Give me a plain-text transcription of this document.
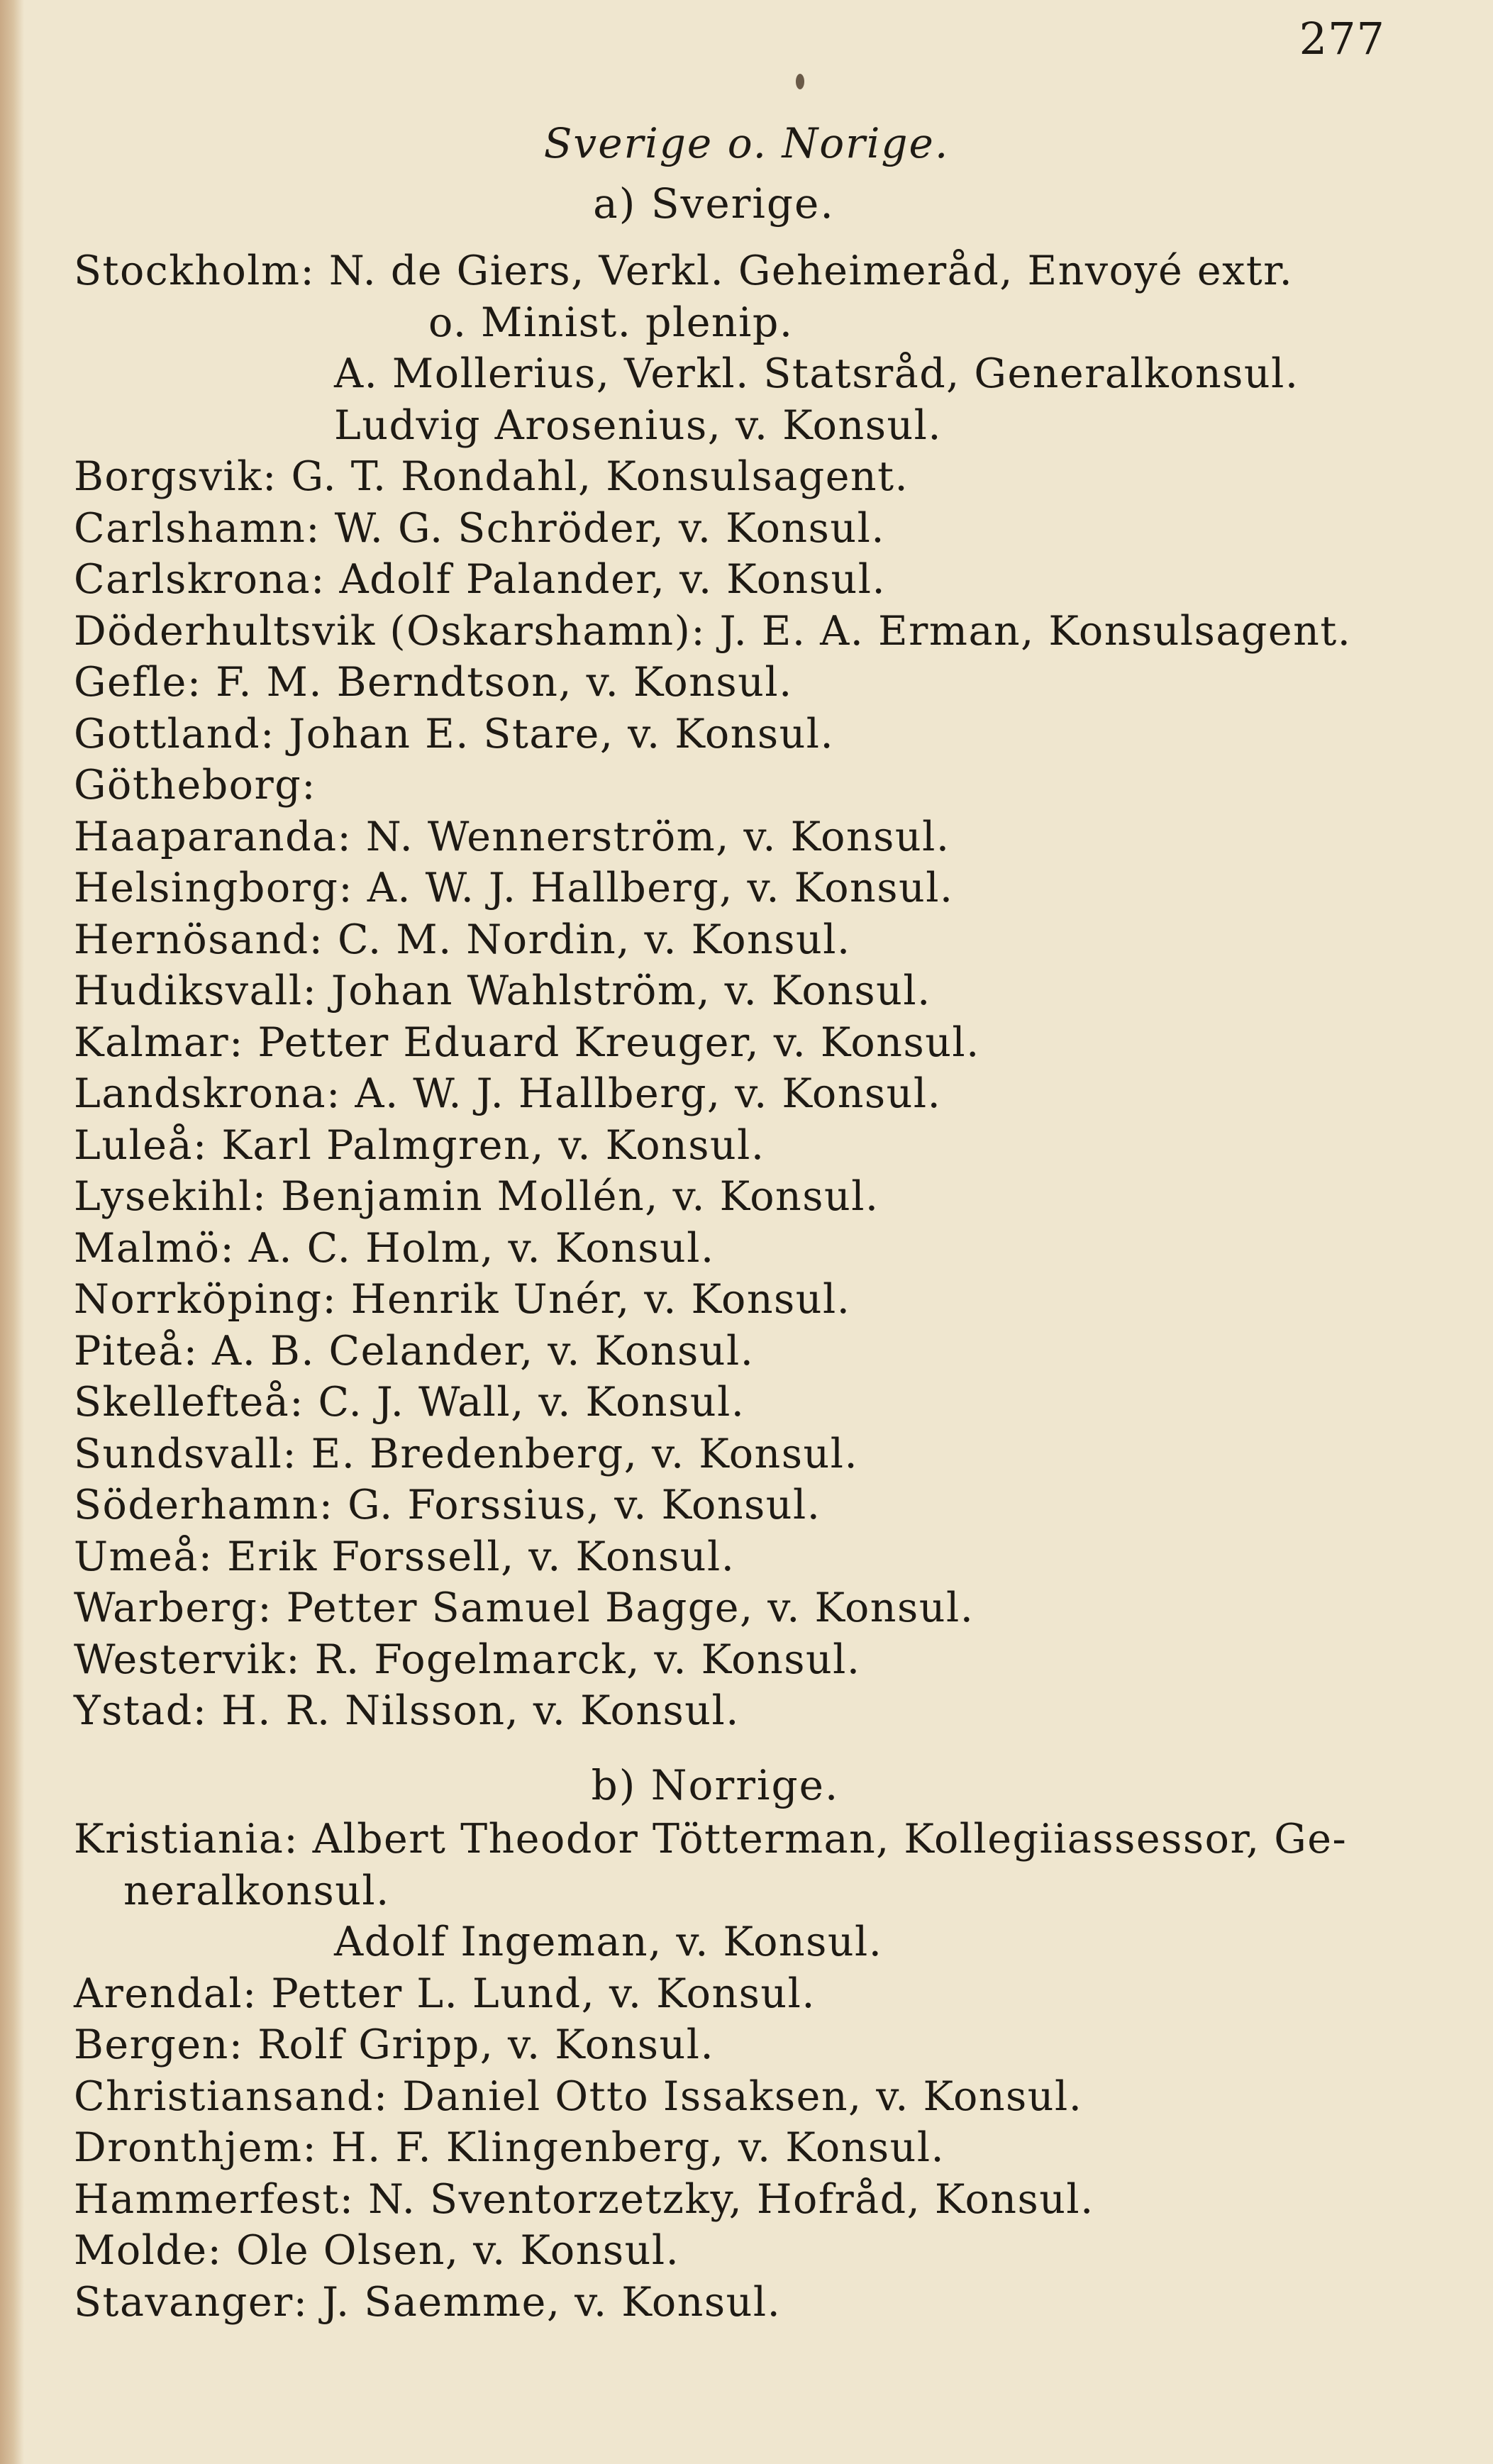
277
Sverige o. Norige.
a) Sverige.
Stockholm: N. de Giers, Verkl. Geheimeråd, Envoyé extr.
o. Minist. plenip.
A. Mollerius, Verkl. Statsråd, Generalkonsul.
Ludvig Arosenius, v. Konsul.
Borgsvik: G. T. Rondahl, Konsulsagent.
Carlshamn: W. G. Schröder, v. Konsul.
Carlskrona: Adolf Palander, v. Konsul.
Döderhultsvik (Oskarshamn): J. E. A. Erman, Konsulsagent.
Gefle: F. M. Berndtson, v. Konsul.
Gottland: Johan E. Stare, v. Konsul.
Götheborg:
Haaparanda: N. Wennerström, v. Konsul.
Helsingborg: A. W. J. Hallberg, v. Konsul.
Hernösand: C. M. Nordin, v. Konsul.
Hudiksvall: Johan Wahlström, v. Konsul.
Kalmar: Petter Eduard Kreuger, v. Konsul.
Landskrona: A. W. J. Hallberg, v. Konsul.
Luleå: Karl Palmgren, v. Konsul.
Lysekihl: Benjamin Mollén, v. Konsul.
Malmö: A. C. Holm, v. Konsul.
Norrköping: Henrik Unér, v. Konsul.
Piteå: A. B. Celander, v. Konsul.
Skellefteå: C. J. Wall, v. Konsul.
Sundsvall: E. Bredenberg, v. Konsul.
Söderhamn: G. Forssius, v. Konsul.
Umeå: Erik Forssell, v. Konsul.
Warberg: Petter Samuel Bagge, v. Konsul.
Westervik: R. Fogelmarck, v. Konsul.
Ystad: H. R. Nilsson, v. Konsul.
b) Norrige.
Kristiania: Albert Theodor Tötterman, Kollegiiassessor, Ge-
neralkonsul.
Adolf Ingeman, v. Konsul.
Arendal: Petter L. Lund, v. Konsul.
Bergen: Rolf Gripp, v. Konsul.
Christiansand: Daniel Otto Issaksen, v. Konsul.
Dronthjem: H. F. Klingenberg, v. Konsul.
Hammerfest: N. Sventorzetzky, Hofråd, Konsul.
Molde: Ole Olsen, v. Konsul.
Stavanger: J. Saemme, v. Konsul.
